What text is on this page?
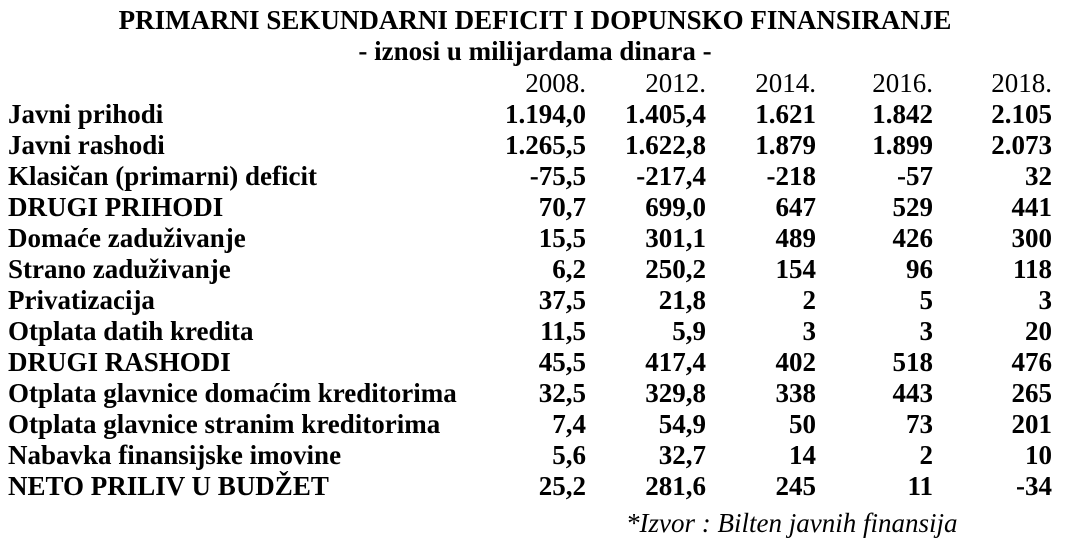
PRIMARNI SEKUNDARNI DEFICIT I DOPUNSKO FINANSIRANJE
- iznosi u milijardama dinara -
	2008.	2012.	2014.	2016.	2018.
Javni prihodi	1.194,0	1.405,4	1.621	1.842	2.105
Javni rashodi	1.265,5	1.622,8	1.879	1.899	2.073
Klasičan (primarni) deficit	-75,5	-217,4	-218	-57	32
DRUGI PRIHODI	70,7	699,0	647	529	441
Domaće zaduživanje	15,5	301,1	489	426	300
Strano zaduživanje	6,2	250,2	154	96	118
Privatizacija	37,5	21,8	2	5	3
Otplata datih kredita	11,5	5,9	3	3	20
DRUGI RASHODI	45,5	417,4	402	518	476
Otplata glavnice domaćim kreditorima	32,5	329,8	338	443	265
Otplata glavnice stranim kreditorima	7,4	54,9	50	73	201
Nabavka finansijske imovine	5,6	32,7	14	2	10
NETO PRILIV U BUDŽET	25,2	281,6	245	11	-34
*Izvor : Bilten javnih finansija
